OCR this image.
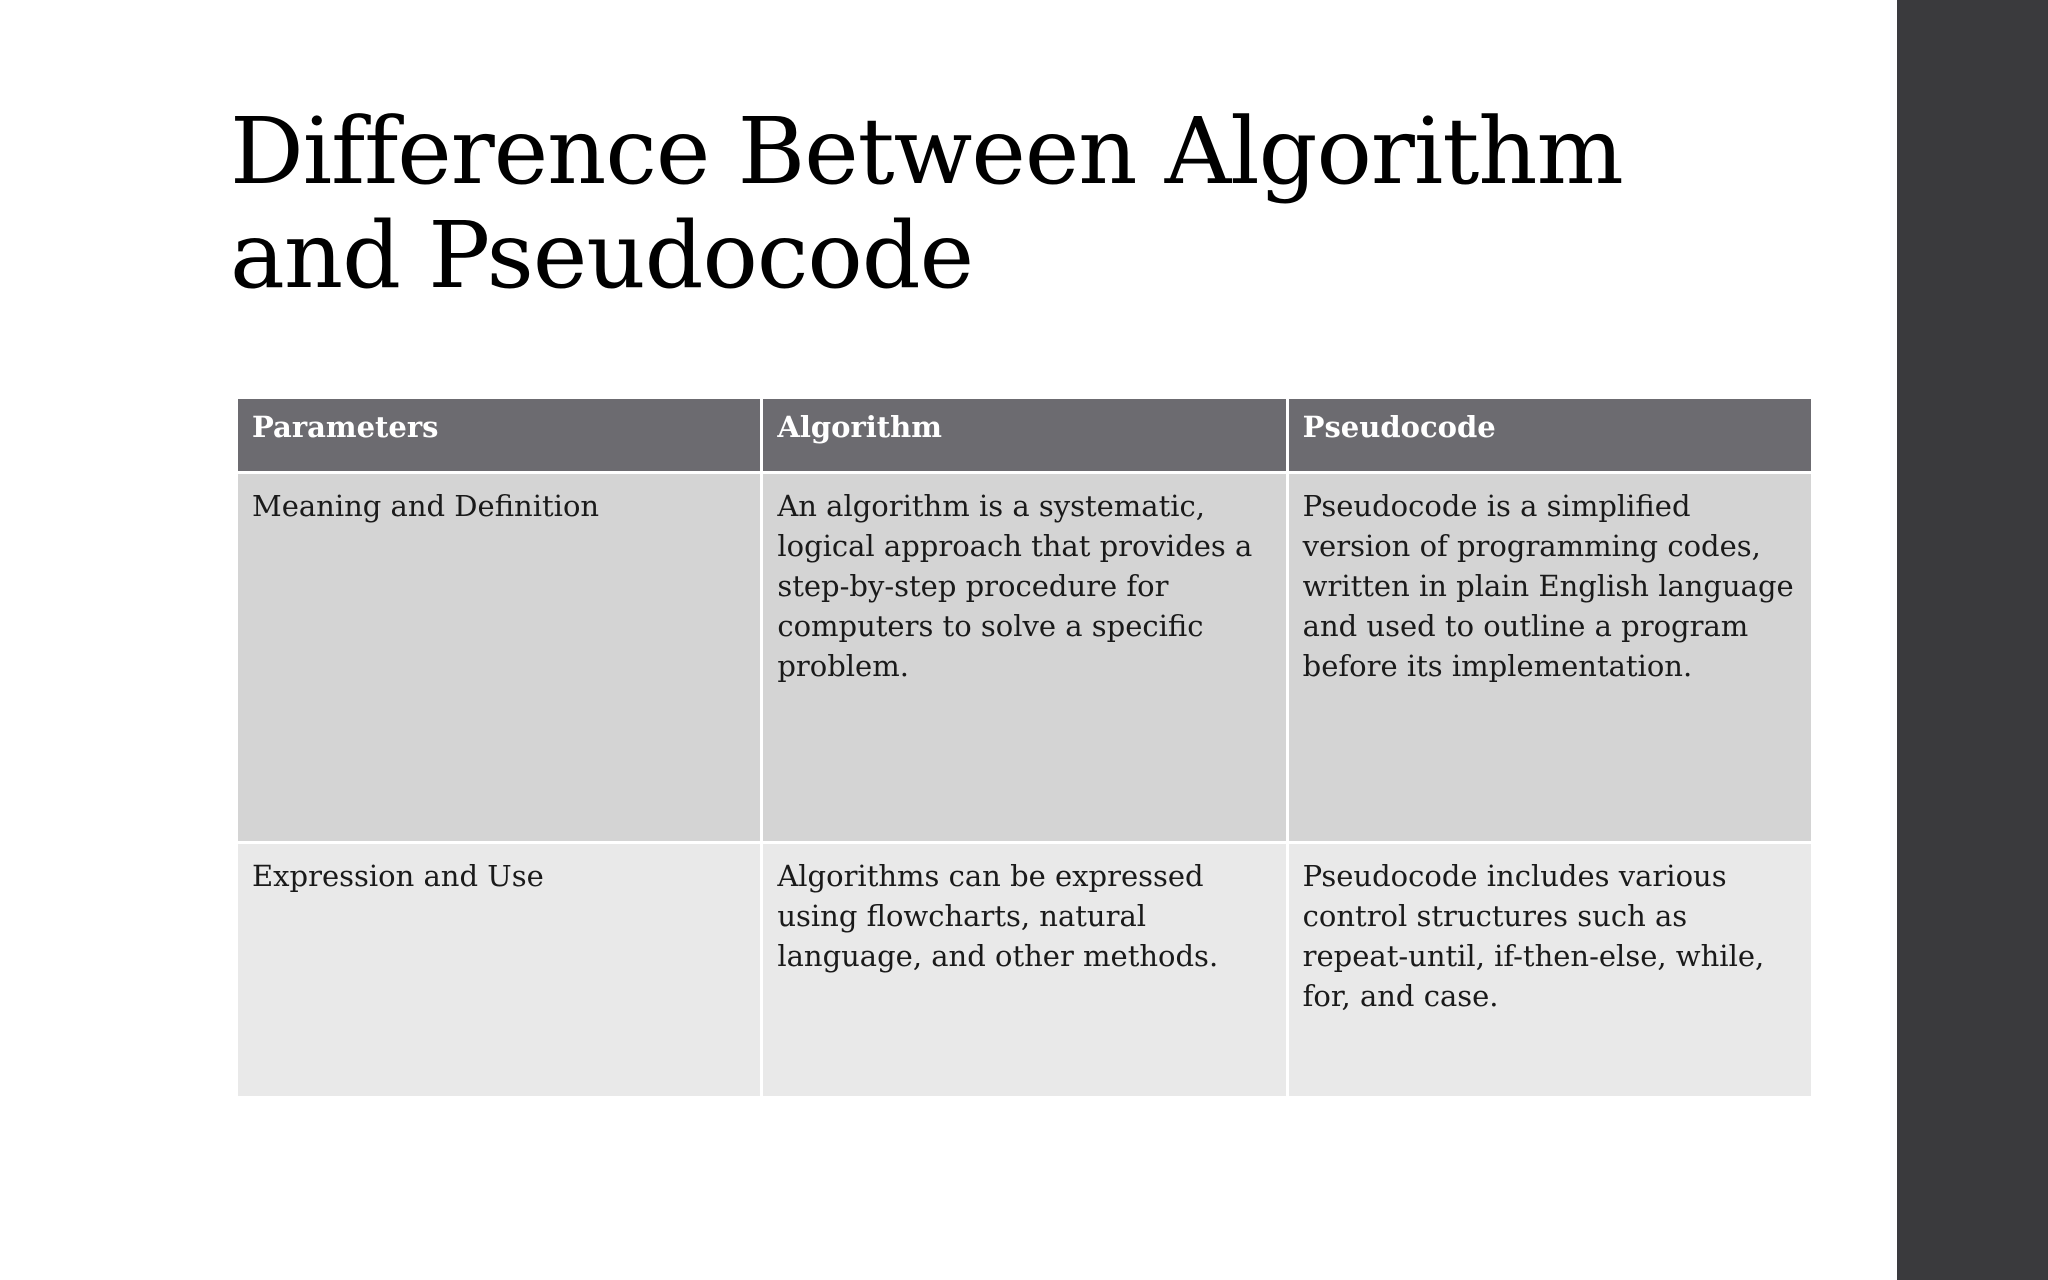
Difference Between Algorithm and Pseudocode
Parameters	Algorithm	Pseudocode
Meaning and Definition	An algorithm is a systematic, logical approach that provides a step-by-step procedure for computers to solve a specific problem.	Pseudocode is a simplified version of programming codes, written in plain English language and used to outline a program before its implementation.
Expression and Use	Algorithms can be expressed using flowcharts, natural language, and other methods.	Pseudocode includes various control structures such as repeat-until, if-then-else, while, for, and case.
